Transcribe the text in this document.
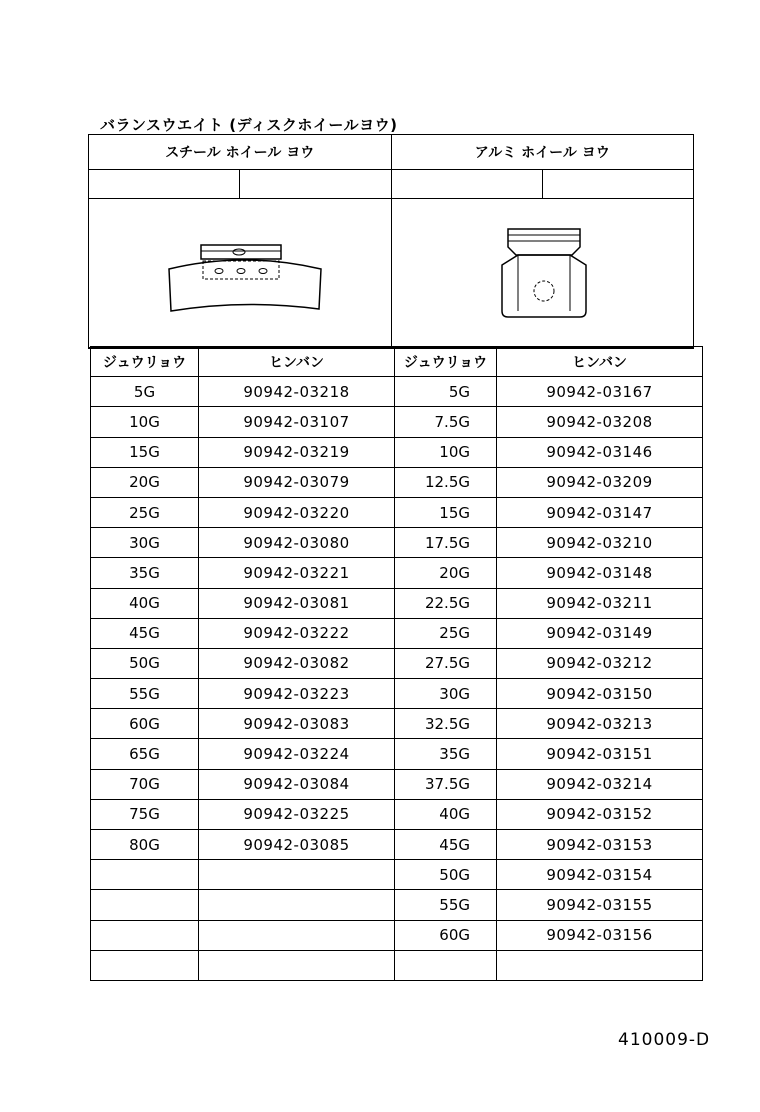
バランスウエイト (ディスクホイールヨウ)
スチール ホイール ヨウ	アルミ ホイール ヨウ
ジュウリョウ	ヒンバン	ジュウリョウ	ヒンバン
5G	90942-03218	5G	90942-03167
10G	90942-03107	7.5G	90942-03208
15G	90942-03219	10G	90942-03146
20G	90942-03079	12.5G	90942-03209
25G	90942-03220	15G	90942-03147
30G	90942-03080	17.5G	90942-03210
35G	90942-03221	20G	90942-03148
40G	90942-03081	22.5G	90942-03211
45G	90942-03222	25G	90942-03149
50G	90942-03082	27.5G	90942-03212
55G	90942-03223	30G	90942-03150
60G	90942-03083	32.5G	90942-03213
65G	90942-03224	35G	90942-03151
70G	90942-03084	37.5G	90942-03214
75G	90942-03225	40G	90942-03152
80G	90942-03085	45G	90942-03153
		50G	90942-03154
		55G	90942-03155
		60G	90942-03156

410009-D
